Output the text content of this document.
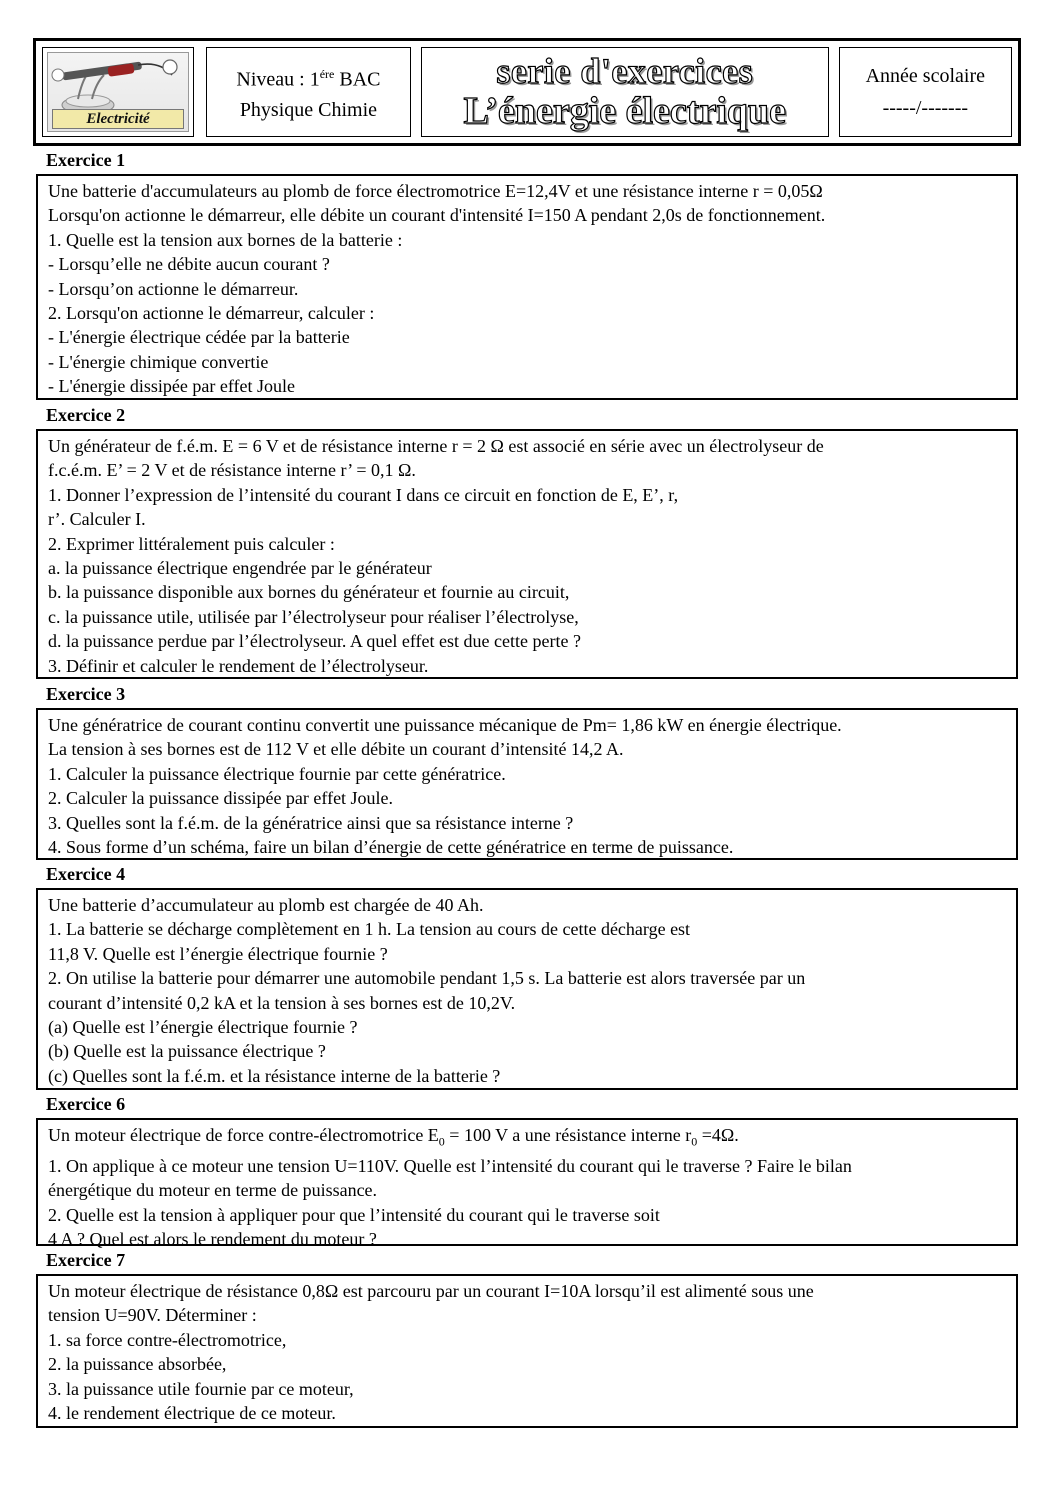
Electricité
Niveau : $1^{ére}$ BAC
Physique Chimie
serie d'exercices
L’énergie électrique
Année scolaire
-----/-------
Exercice 1

Une batterie d'accumulateurs au plomb de force électromotrice E=12,4V et une résistance interne r = 0,05Ω

Lorsqu'on actionne le démarreur, elle débite un courant d'intensité I=150 A pendant 2,0s de fonctionnement.

1. Quelle est la tension aux bornes de la batterie :

- Lorsqu’elle ne débite aucun courant ?

- Lorsqu’on actionne le démarreur.

2. Lorsqu'on actionne le démarreur, calculer :

- L'énergie électrique cédée par la batterie

- L'énergie chimique convertie

- L'énergie dissipée par effet Joule

Exercice 2

Un générateur de f.é.m. E = 6 V et de résistance interne r = 2 Ω est associé en série avec un électrolyseur de

f.c.é.m. E’ = 2 V et de résistance interne r’ = 0,1 Ω.

1. Donner l’expression de l’intensité du courant I dans ce circuit en fonction de E, E’, r,

r’. Calculer I.

2. Exprimer littéralement puis calculer :

a. la puissance électrique engendrée par le générateur

b. la puissance disponible aux bornes du générateur et fournie au circuit,

c. la puissance utile, utilisée par l’électrolyseur pour réaliser l’électrolyse,

d. la puissance perdue par l’électrolyseur. A quel effet est due cette perte ?

3. Définir et calculer le rendement de l’électrolyseur.

Exercice 3

Une génératrice de courant continu convertit une puissance mécanique de Pm= 1,86 kW en énergie électrique.

La tension à ses bornes est de 112 V et elle débite un courant d’intensité 14,2 A.

1. Calculer la puissance électrique fournie par cette génératrice.

2. Calculer la puissance dissipée par effet Joule.

3. Quelles sont la f.é.m. de la génératrice ainsi que sa résistance interne ?

4. Sous forme d’un schéma, faire un bilan d’énergie de cette génératrice en terme de puissance.

Exercice 4

Une batterie d’accumulateur au plomb est chargée de 40 Ah.

1. La batterie se décharge complètement en 1 h. La tension au cours de cette décharge est

11,8 V. Quelle est l’énergie électrique fournie ?

2. On utilise la batterie pour démarrer une automobile pendant 1,5 s. La batterie est alors traversée par un

courant d’intensité 0,2 kA et la tension à ses bornes est de 10,2V.

(a) Quelle est l’énergie électrique fournie ?

(b) Quelle est la puissance électrique ?

(c) Quelles sont la f.é.m. et la résistance interne de la batterie ?

Exercice 6

Un moteur électrique de force contre-électromotrice $E_0 = 100$ V a une résistance interne $r_0 =4\Omega$.

1. On applique à ce moteur une tension U=110V. Quelle est l’intensité du courant qui le traverse ? Faire le bilan

énergétique du moteur en terme de puissance.

2. Quelle est la tension à appliquer pour que l’intensité du courant qui le traverse soit

4 A ? Quel est alors le rendement du moteur ?

Exercice 7

Un moteur électrique de résistance 0,8Ω est parcouru par un courant I=10A lorsqu’il est alimenté sous une

tension U=90V. Déterminer :

1. sa force contre-électromotrice,

2. la puissance absorbée,

3. la puissance utile fournie par ce moteur,

4. le rendement électrique de ce moteur.
